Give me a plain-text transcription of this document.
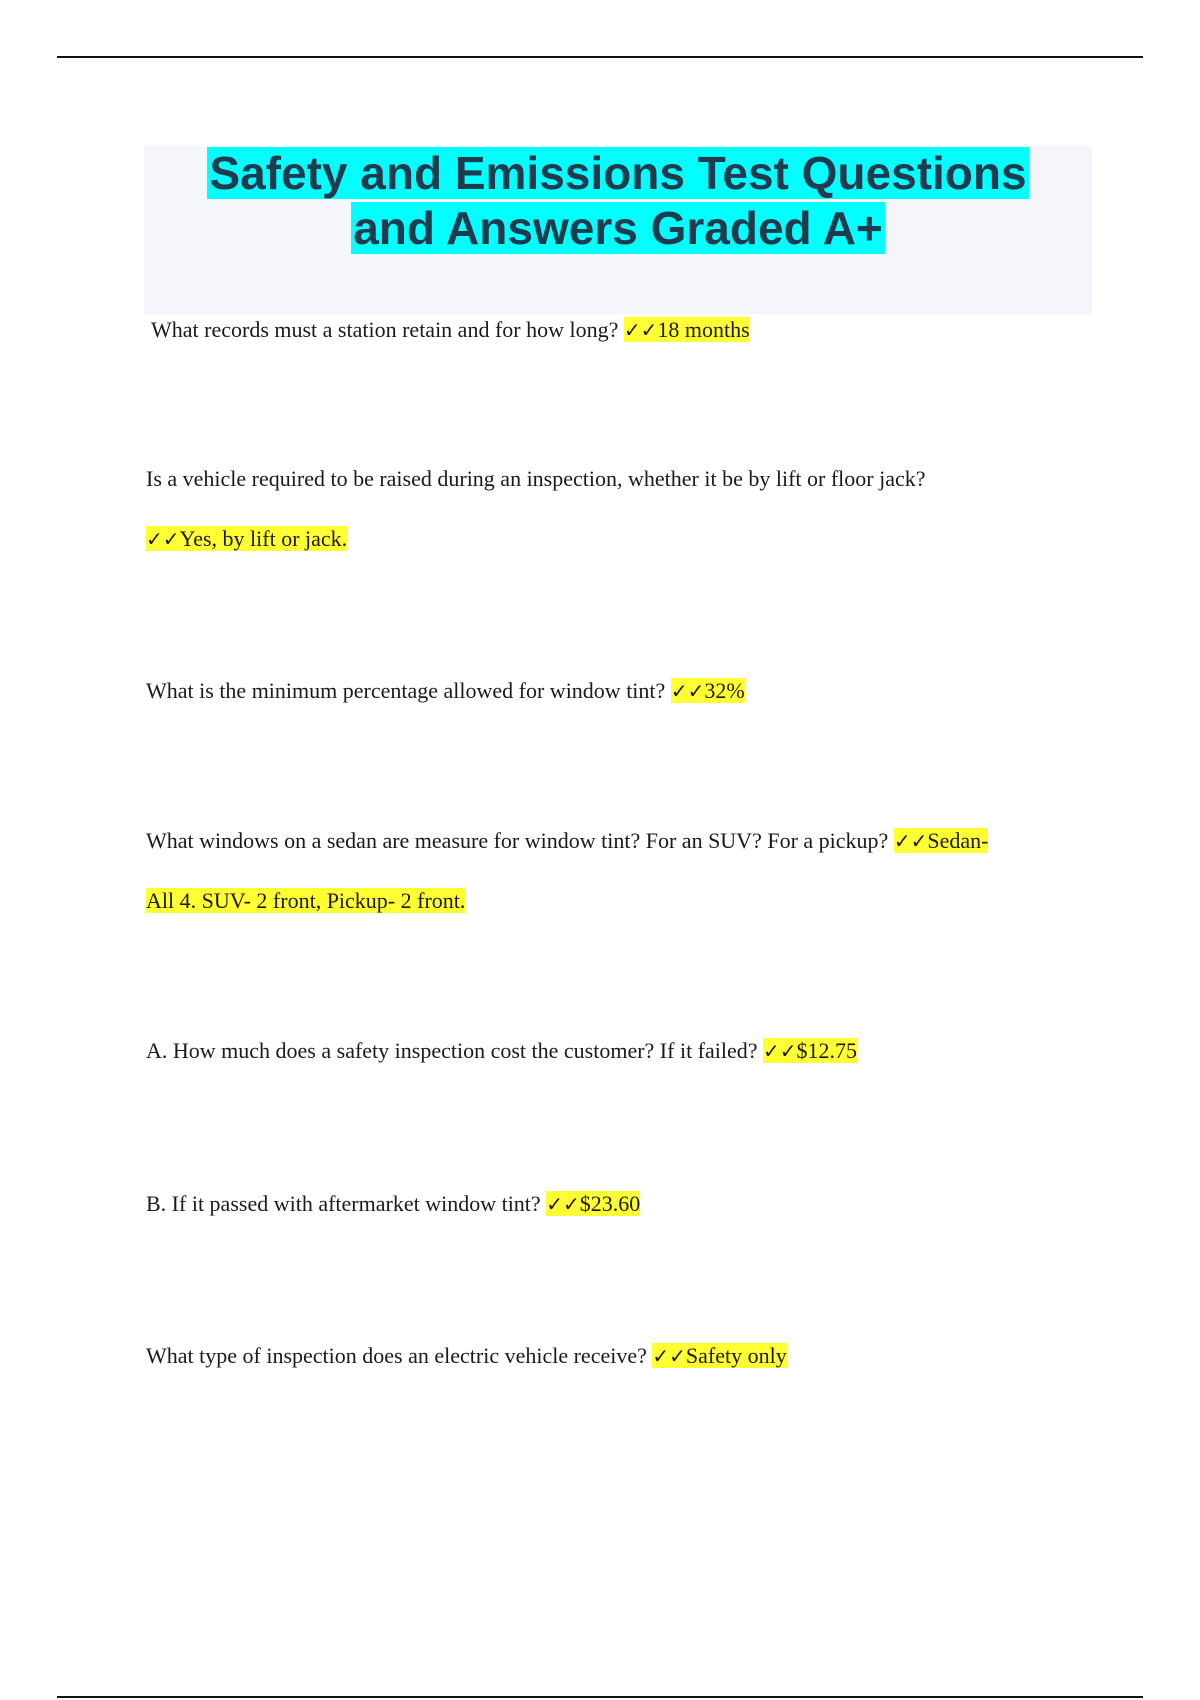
Safety and Emissions Test Questions
and Answers Graded A+

What records must a station retain and for how long? ✓✓18 months

Is a vehicle required to be raised during an inspection, whether it be by lift or floor jack?
✓✓Yes, by lift or jack.

What is the minimum percentage allowed for window tint? ✓✓32%

What windows on a sedan are measure for window tint? For an SUV? For a pickup? ✓✓Sedan-
All 4. SUV- 2 front, Pickup- 2 front.

A. How much does a safety inspection cost the customer? If it failed? ✓✓$12.75

B. If it passed with aftermarket window tint? ✓✓$23.60

What type of inspection does an electric vehicle receive? ✓✓Safety only
